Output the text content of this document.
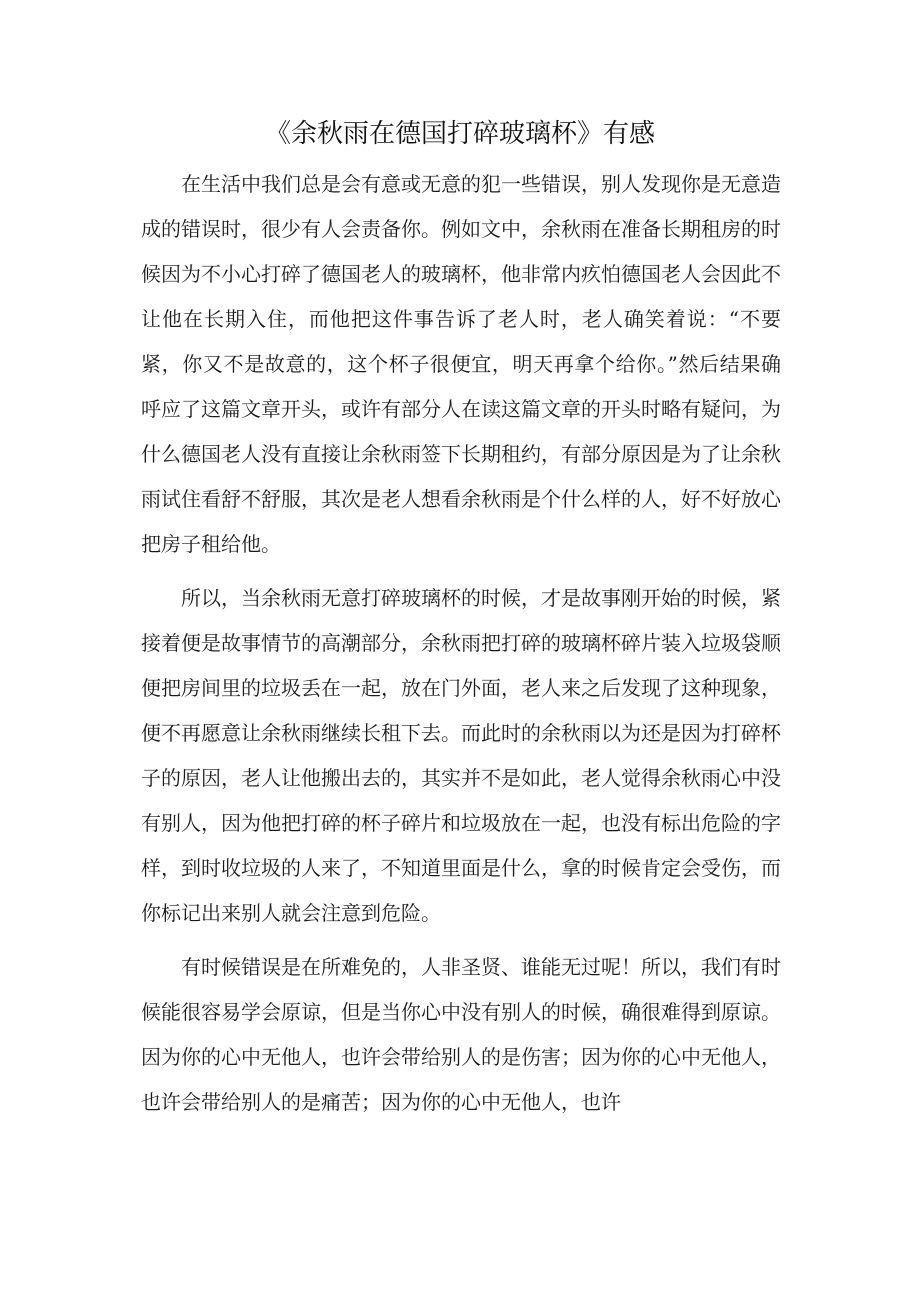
《余秋雨在德国打碎玻璃杯》有感

在生活中我们总是会有意或无意的犯一些错误，别人发现你是无意造成的错误时，很少有人会责备你。例如文中，余秋雨在准备长期租房的时候因为不小心打碎了德国老人的玻璃杯，他非常内疚怕德国老人会因此不让他在长期入住，而他把这件事告诉了老人时，老人确笑着说：“不要紧，你又不是故意的，这个杯子很便宜，明天再拿个给你。”然后结果确呼应了这篇文章开头，或许有部分人在读这篇文章的开头时略有疑问，为什么德国老人没有直接让余秋雨签下长期租约，有部分原因是为了让余秋雨试住看舒不舒服，其次是老人想看余秋雨是个什么样的人，好不好放心把房子租给他。

所以，当余秋雨无意打碎玻璃杯的时候，才是故事刚开始的时候，紧接着便是故事情节的高潮部分，余秋雨把打碎的玻璃杯碎片装入垃圾袋顺便把房间里的垃圾丢在一起，放在门外面，老人来之后发现了这种现象，便不再愿意让余秋雨继续长租下去。而此时的余秋雨以为还是因为打碎杯子的原因，老人让他搬出去的，其实并不是如此，老人觉得余秋雨心中没有别人，因为他把打碎的杯子碎片和垃圾放在一起，也没有标出危险的字样，到时收垃圾的人来了，不知道里面是什么，拿的时候肯定会受伤，而你标记出来别人就会注意到危险。

有时候错误是在所难免的，人非圣贤、谁能无过呢！所以，我们有时候能很容易学会原谅，但是当你心中没有别人的时候，确很难得到原谅。因为你的心中无他人，也许会带给别人的是伤害；因为你的心中无他人，也许会带给别人的是痛苦；因为你的心中无他人，也许
